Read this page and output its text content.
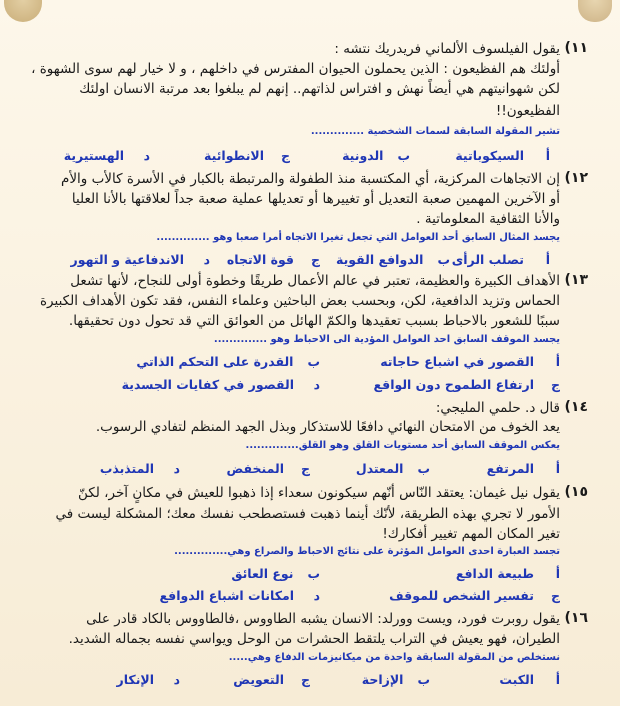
١١)
يقول الفيلسوف الألماني فريدريك نتشه :
أولئك هم الفظيعون : الذين يحملون الحيوان المفترس في داخلهم ، و لا خيار لهم سوى الشهوة ،
لكن شهوانيتهم هي أيضاً نهش و افتراس لذاتهم.. إنهم لم يبلغوا بعد مرتبة الانسان اولئك
الفظيعون!!
تشير المقولة السابقة لسمات الشخصية ..............
أالسيكوباتية
بالدونية
جالانطوائية
دالهستيرية
١٢)
إن الاتجاهات المركزية، أي المكتسبة منذ الطفولة والمرتبطة بالكبار في الأسرة كالأب والأم
أو الآخرين المهمين صعبة التعديل أو تغييرها أو تعديلها عملية صعبة جداً لعلاقتها بالأنا العليا
والأنا الثقافية المعلوماتية .
يجسد المثال السابق أحد العوامل التي تجعل تغيرا الاتجاه أمرا صعبا وهو ..............
أتصلب الرأى
بالدوافع القوية
جقوة الاتجاه
دالاندفاعية و التهور
١٣)
الأهداف الكبيرة والعظيمة، تعتبر في عالم الأعمال طريقًا وخطوة أولى للنجاح، لأنها تشعل
الحماس وتزيد الدافعية، لكن، وبحسب بعض الباحثين وعلماء النفس، فقد تكون الأهداف الكبيرة
سببًا للشعور بالاحباط بسبب تعقيدها والكمّ الهائل من العوائق التي قد تحول دون تحقيقها.
يجسد الموقف السابق احد العوامل المؤدية الى الاحباط وهو ..............
أالقصور في اشباع حاجاته
بالقدرة على التحكم الذاتي
جارتفاع الطموح دون الواقع
دالقصور في كفايات الجسدية
١٤)
قال د. حلمي المليجي:
يعد الخوف من الامتحان النهائي دافعًا للاستذكار وبذل الجهد المنظم لتفادي الرسوب.
يعكس الموقف السابق أحد مستويات القلق وهو القلق..............
أالمرتفع
بالمعتدل
جالمنخفض
دالمتذبذب
١٥)
يقول نيل غيمان: يعتقد النّاس أنّهم سيكونون سعداء إذا ذهبوا للعيش في مكانٍ آخر، لكنّ
الأمور لا تجري بهذه الطريقة، لأنّك أينما ذهبت فستصطحب نفسك معك؛ المشكلة ليست في
تغير المكان المهم تغيير أفكارك!
تجسد العبارة احدى العوامل المؤثرة على نتائج الاحباط والصراع وهي..............
أطبيعة الدافع
بنوع العائق
جتفسير الشخص للموقف
دامكانات اشباع الدوافع
١٦)
يقول روبرت فورد، ويست وورلد: الانسان يشبه الطاووس ،فالطاووس بالكاد قادر على
الطيران، فهو يعيش في التراب يلتقط الحشرات من الوحل ويواسي نفسه بجماله الشديد.
نستخلص من المقولة السابقة واحدة من ميكانيزمات الدفاع وهي.....
أالكبت
بالإزاحة
جالتعويض
دالإنكار
